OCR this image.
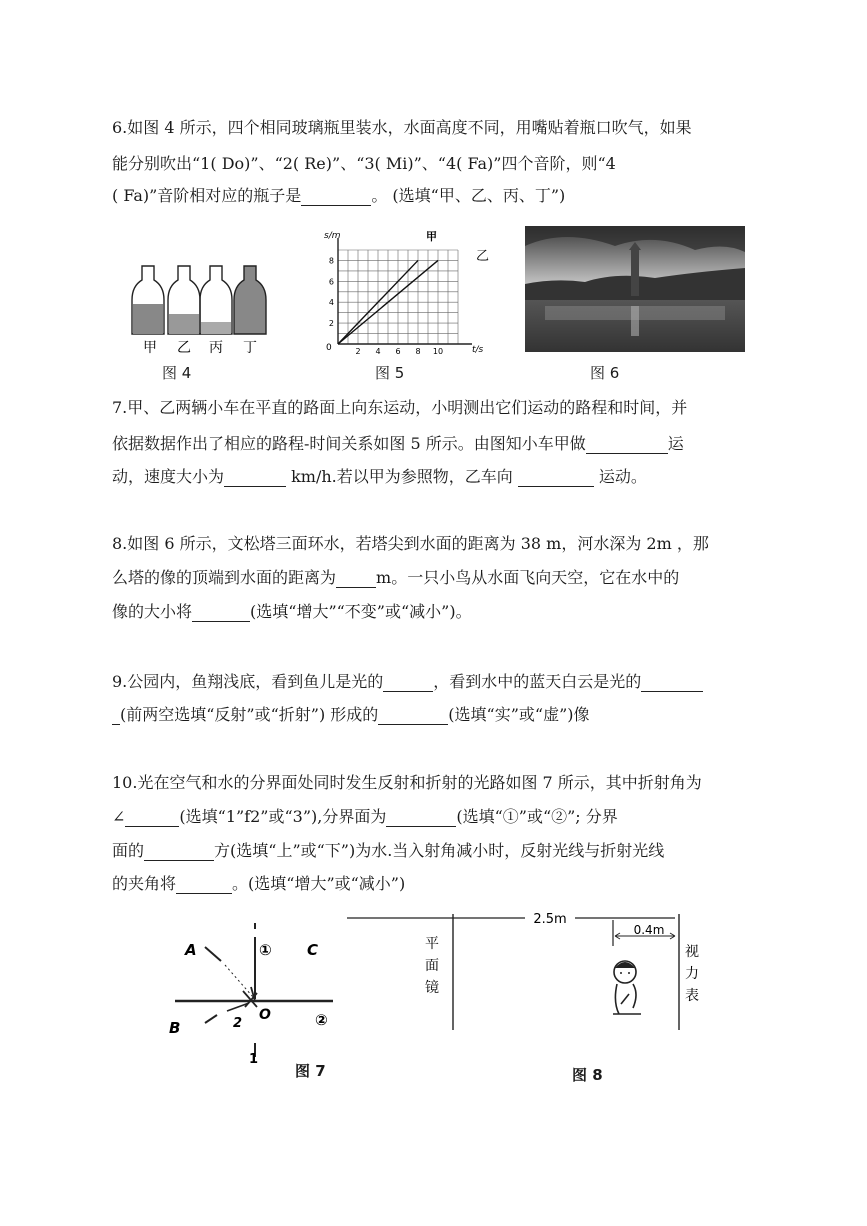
6.如图 4 所示，四个相同玻璃瓶里装水，水面高度不同，用嘴贴着瓶口吹气，如果
能分别吹出“1( Do)”、“2( Re)”、“3( Mi)”、“4( Fa)”四个音阶，则“4
( Fa)”音阶相对应的瓶子是	。 (选填“甲、乙、丙、丁”)
甲 乙 丙 丁
图 4
2 4 6 8 10
2
4
6
8
s/m
t/s
0
甲
乙
图 5	图 6
7.甲、乙两辆小车在平直的路面上向东运动，小明测出它们运动的路程和时间，并
依据数据作出了相应的路程-时间关系如图 5 所示。由图知小车甲做	运
动，速度大小为	km/h.若以甲为参照物，乙车向	运动。
8.如图 6 所示，文松塔三面环水，若塔尖到水面的距离为 38 m，河水深为 2m ，那
么塔的像的顶端到水面的距离为	m。一只小鸟从水面飞向天空，它在水中的
像的大小将	(选填“增大”“不变”或“减小”)。
9.公园内，鱼翔浅底，看到鱼儿是光的	，看到水中的蓝天白云是光的
(前两空选填“反射”或“折射”) 形成的	(选填“实”或“虚”)像
10.光在空气和水的分界面处同时发生反射和折射的光路如图 7 所示，其中折射角为
∠	(选填“1”f2”或“3”),分界面为	(选填“①”或“②”; 分界
面的	方(选填“上”或“下”)为水.当入射角减小时，反射光线与折射光线
的夹角将	。(选填“增大”或“减小”)
A
B
C
O
①
②
2
1
图 7
2.5m
0.4m
平
面
镜
视
力
表
图 8
